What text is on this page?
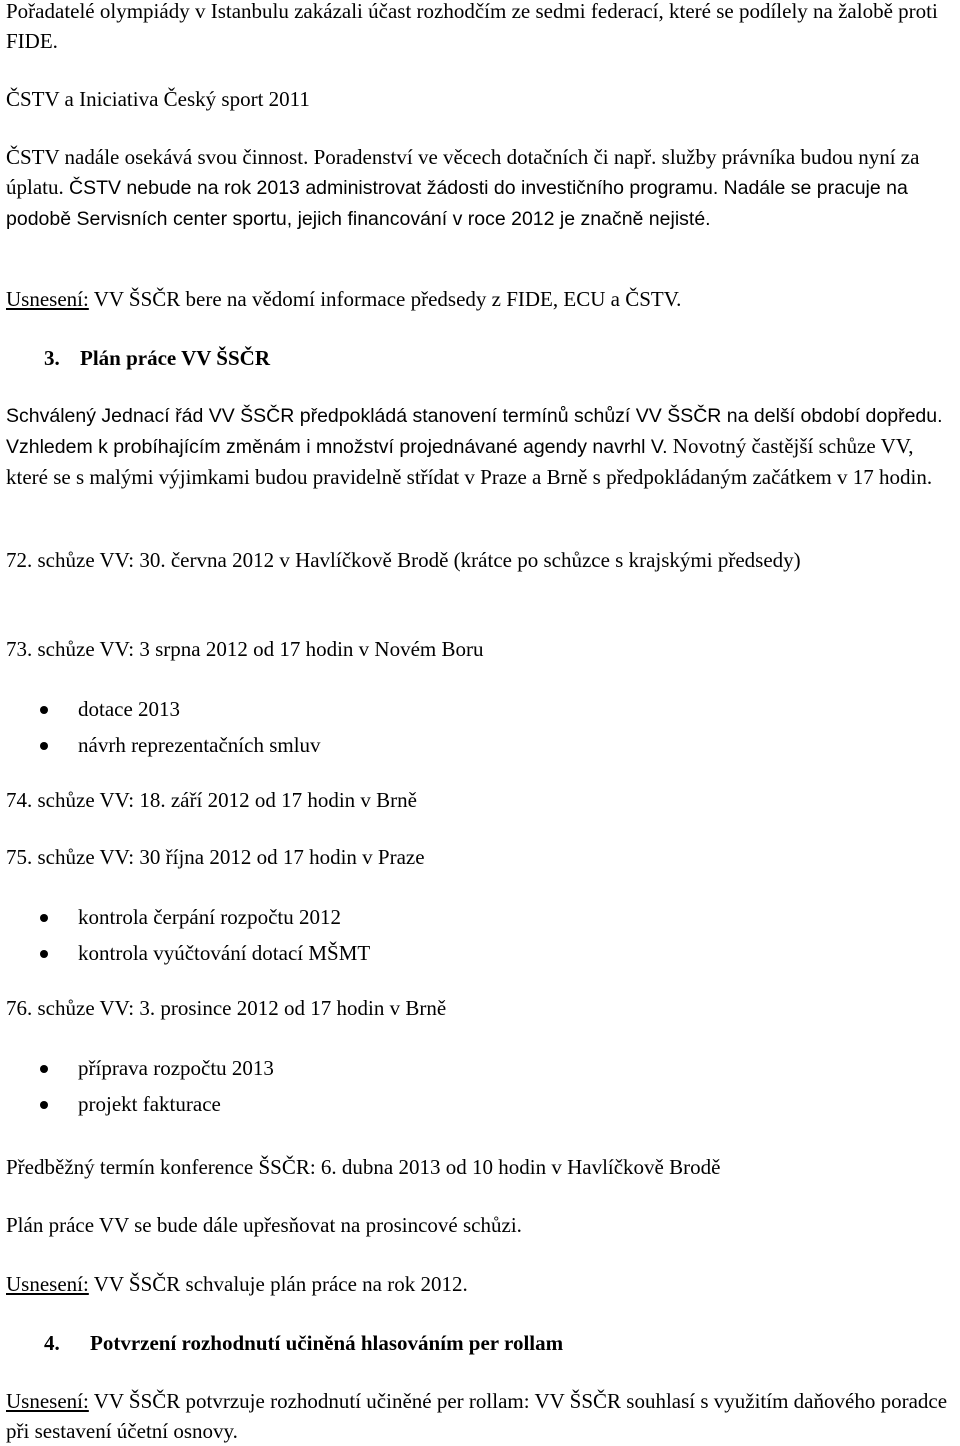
Pořadatelé olympiády v Istanbulu zakázali účast rozhodčím ze sedmi federací, které se podílely na žalobě proti FIDE.

ČSTV a Iniciativa Český sport 2011

ČSTV nadále osekává svou činnost. Poradenství ve věcech dotačních či např. služby právníka budou nyní za úplatu. ČSTV nebude na rok 2013 administrovat žádosti do investičního programu. Nadále se pracuje na podobě Servisních center sportu, jejich financování v roce 2012 je značně nejisté.

Usnesení: VV ŠSČR bere na vědomí informace předsedy z FIDE, ECU a ČSTV.

3. Plán práce VV ŠSČR

Schválený Jednací řád VV ŠSČR předpokládá stanovení termínů schůzí VV ŠSČR na delší období dopředu. Vzhledem k probíhajícím změnám i množství projednávané agendy navrhl V. Novotný častější schůze VV, které se s malými výjimkami budou pravidelně střídat v Praze a Brně s předpokládaným začátkem v 17 hodin.

72. schůze VV: 30. června 2012 v Havlíčkově Brodě (krátce po schůzce s krajskými předsedy)

73. schůze VV: 3 srpna 2012 od 17 hodin v Novém Boru

dotace 2013
návrh reprezentačních smluv

74. schůze VV: 18. září 2012 od 17 hodin v Brně

75. schůze VV: 30 října 2012 od 17 hodin v Praze

kontrola čerpání rozpočtu 2012
kontrola vyúčtování dotací MŠMT

76. schůze VV: 3. prosince 2012 od 17 hodin v Brně

příprava rozpočtu 2013
projekt fakturace

Předběžný termín konference ŠSČR: 6. dubna 2013 od 10 hodin v Havlíčkově Brodě

Plán práce VV se bude dále upřesňovat na prosincové schůzi.

Usnesení: VV ŠSČR schvaluje plán práce na rok 2012.

4. Potvrzení rozhodnutí učiněná hlasováním per rollam

Usnesení: VV ŠSČR potvrzuje rozhodnutí učiněné per rollam: VV ŠSČR souhlasí s využitím daňového poradce při sestavení účetní osnovy.
